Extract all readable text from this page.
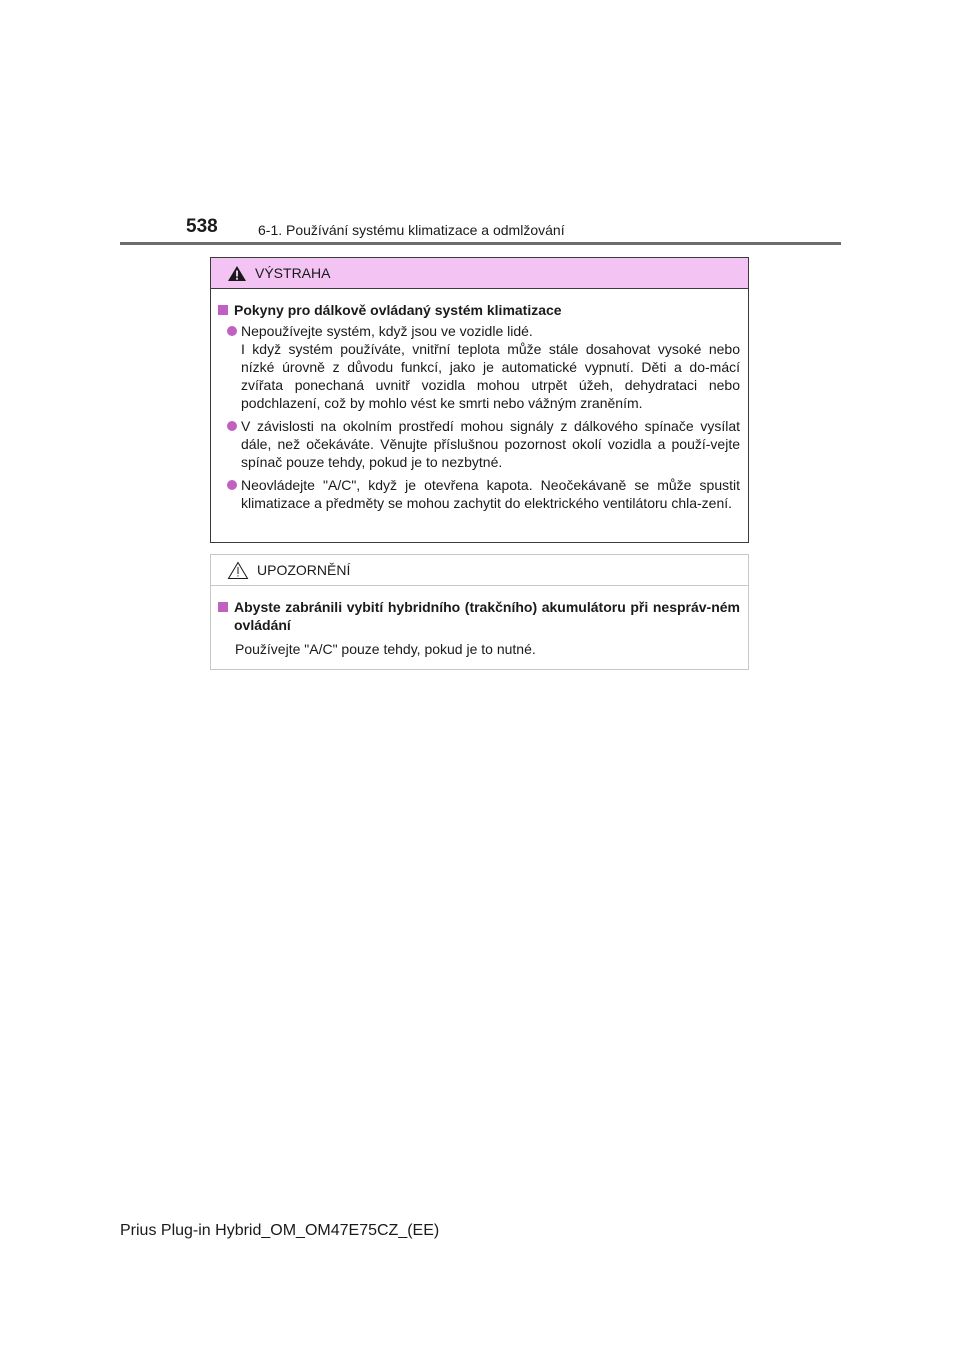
538	6-1. Používání systému klimatizace a odmlžování
VÝSTRAHA
Pokyny pro dálkově ovládaný systém klimatizace
Nepoužívejte systém, když jsou ve vozidle lidé.
I když systém používáte, vnitřní teplota může stále dosahovat vysoké nebo nízké úrovně z důvodu funkcí, jako je automatické vypnutí. Děti a do-mácí zvířata ponechaná uvnitř vozidla mohou utrpět úžeh, dehydrataci nebo podchlazení, což by mohlo vést ke smrti nebo vážným zraněním.
V závislosti na okolním prostředí mohou signály z dálkového spínače vysílat dále, než očekáváte. Věnujte příslušnou pozornost okolí vozidla a použí-vejte spínač pouze tehdy, pokud je to nezbytné.
Neovládejte "A/C", když je otevřena kapota. Neočekávaně se může spustit klimatizace a předměty se mohou zachytit do elektrického ventilátoru chla-zení.
UPOZORNĚNÍ
Abyste zabránili vybití hybridního (trakčního) akumulátoru při nespráv-ném ovládání
Používejte "A/C" pouze tehdy, pokud je to nutné.
Prius Plug-in Hybrid_OM_OM47E75CZ_(EE)
